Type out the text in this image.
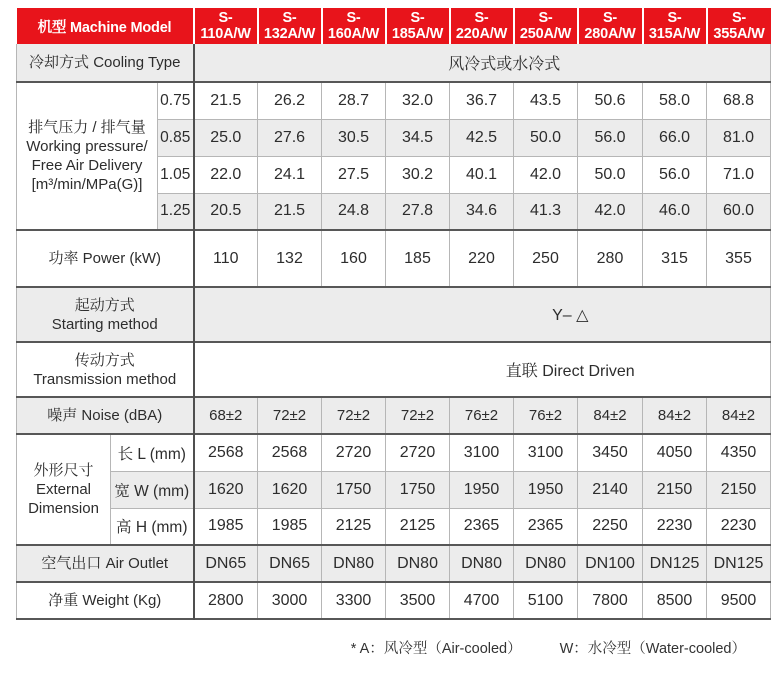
机型 Machine Model			S-110A/W	S-132A/W	S-160A/W	S-185A/W	S-220A/W	S-250A/W	S-280A/W	S-315A/W	S-355A/W
冷却方式 Cooling Type			风冷式或水冷式								

排气压力 / 排气量
Working pressure/
Free Air Delivery
[m³/min/MPa(G)]		0.75	21.5	26.2	28.7	32.0	36.7	43.5	50.6	58.0	68.8
		0.85	25.0	27.6	30.5	34.5	42.5	50.0	56.0	66.0	81.0
		1.05	22.0	24.1	27.5	30.2	40.1	42.0	50.0	56.0	71.0
		1.25	20.5	21.5	24.8	27.8	34.6	41.3	42.0	46.0	60.0
功率 Power (kW)			110	132	160	185	220	250	280	315	355

起动方式
Starting method			Y– △								

传动方式
Transmission method			直联 Direct Driven								
噪声 Noise (dBA)			68±2	72±2	72±2	72±2	76±2	76±2	84±2	84±2	84±2

外形尺寸
External
Dimension	长 L (mm)		2568	2568	2720	2720	3100	3100	3450	4050	4350
	宽 W (mm)		1620	1620	1750	1750	1950	1950	2140	2150	2150
	高 H (mm)		1985	1985	2125	2125	2365	2365	2250	2230	2230
空气出口 Air Outlet			DN65	DN65	DN80	DN80	DN80	DN80	DN100	DN125	DN125
净重 Weight (Kg)			2800	3000	3300	3500	4700	5100	7800	8500	9500
* A：风冷型（Air-cooled）	W：水冷型（Water-cooled）
